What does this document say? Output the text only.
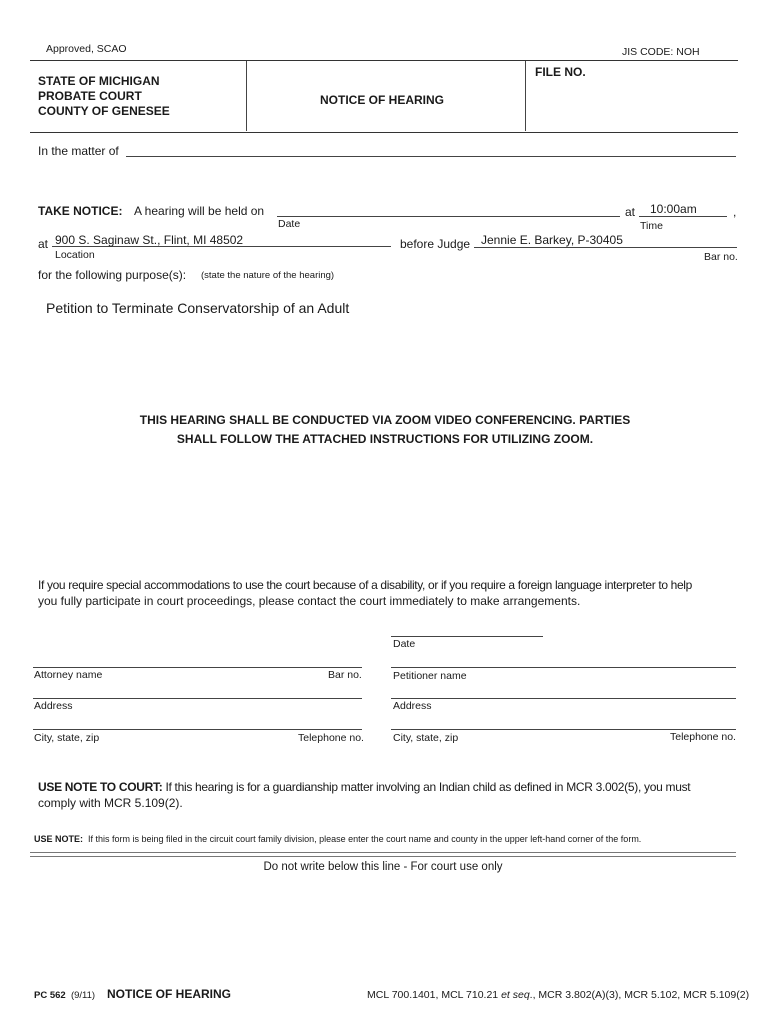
Approved, SCAO	JIS CODE: NOH
STATE OF MICHIGAN
PROBATE COURT
COUNTY OF GENESEE
NOTICE OF HEARING
FILE NO.
In the matter of
TAKE NOTICE: A hearing will be held on
Date
at 10:00am
Time
,
at 900 S. Saginaw St., Flint, MI 48502
Location
before Judge Jennie E. Barkey, P-30405
Bar no.
for the following purpose(s): (state the nature of the hearing)
Petition to Terminate Conservatorship of an Adult
THIS HEARING SHALL BE CONDUCTED VIA ZOOM VIDEO CONFERENCING. PARTIES
SHALL FOLLOW THE ATTACHED INSTRUCTIONS FOR UTILIZING ZOOM.
If you require special accommodations to use the court because of a disability, or if you require a foreign language interpreter to help
you fully participate in court proceedings, please contact the court immediately to make arrangements.
Date
Attorney name	Bar no.	Petitioner name
Address	Address
City, state, zip	Telephone no.	City, state, zip	Telephone no.
USE NOTE TO COURT: If this hearing is for a guardianship matter involving an Indian child as defined in MCR 3.002(5), you must
comply with MCR 5.109(2).
USE NOTE: If this form is being filed in the circuit court family division, please enter the court name and county in the upper left-hand corner of the form.
Do not write below this line - For court use only
PC 562 (9/11) NOTICE OF HEARING	MCL 700.1401, MCL 710.21 et seq., MCR 3.802(A)(3), MCR 5.102, MCR 5.109(2)
